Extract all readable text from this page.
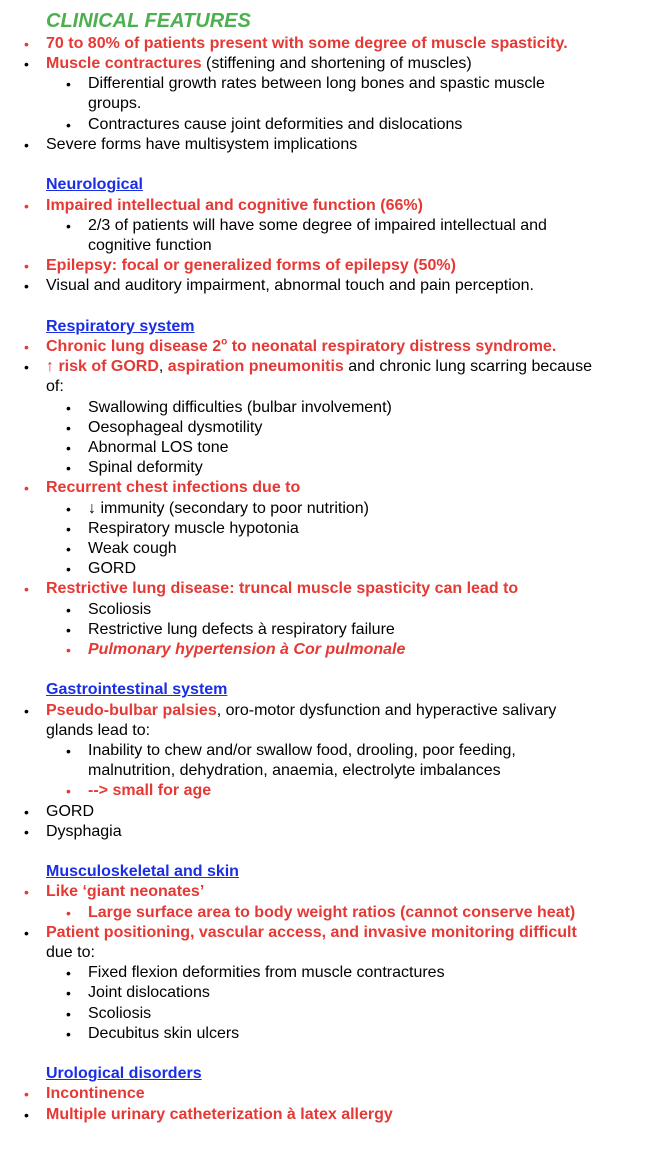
CLINICAL FEATURES
• 70 to 80% of patients present with some degree of muscle spasticity.
• Muscle contractures (stiffening and shortening of muscles)
• Differential growth rates between long bones and spastic muscle groups.
• Contractures cause joint deformities and dislocations
• Severe forms have multisystem implications
Neurological
• Impaired intellectual and cognitive function (66%)
• 2/3 of patients will have some degree of impaired intellectual and cognitive function
• Epilepsy: focal or generalized forms of epilepsy (50%)
• Visual and auditory impairment, abnormal touch and pain perception.
Respiratory system
• Chronic lung disease 2$^o$ to neonatal respiratory distress syndrome.
• ↑ risk of GORD, aspiration pneumonitis and chronic lung scarring because of:
• Swallowing difficulties (bulbar involvement)
• Oesophageal dysmotility
• Abnormal LOS tone
• Spinal deformity
• Recurrent chest infections due to
• ↓ immunity (secondary to poor nutrition)
• Respiratory muscle hypotonia
• Weak cough
• GORD
• Restrictive lung disease: truncal muscle spasticity can lead to
• Scoliosis
• Restrictive lung defects à respiratory failure
• Pulmonary hypertension à Cor pulmonale
Gastrointestinal system
• Pseudo-bulbar palsies, oro-motor dysfunction and hyperactive salivary glands lead to:
• Inability to chew and/or swallow food, drooling, poor feeding, malnutrition, dehydration, anaemia, electrolyte imbalances
• --> small for age
• GORD
• Dysphagia
Musculoskeletal and skin
• Like ‘giant neonates’
• Large surface area to body weight ratios (cannot conserve heat)
• Patient positioning, vascular access, and invasive monitoring difficult due to:
• Fixed flexion deformities from muscle contractures
• Joint dislocations
• Scoliosis
• Decubitus skin ulcers
Urological disorders
• Incontinence
• Multiple urinary catheterization à latex allergy
